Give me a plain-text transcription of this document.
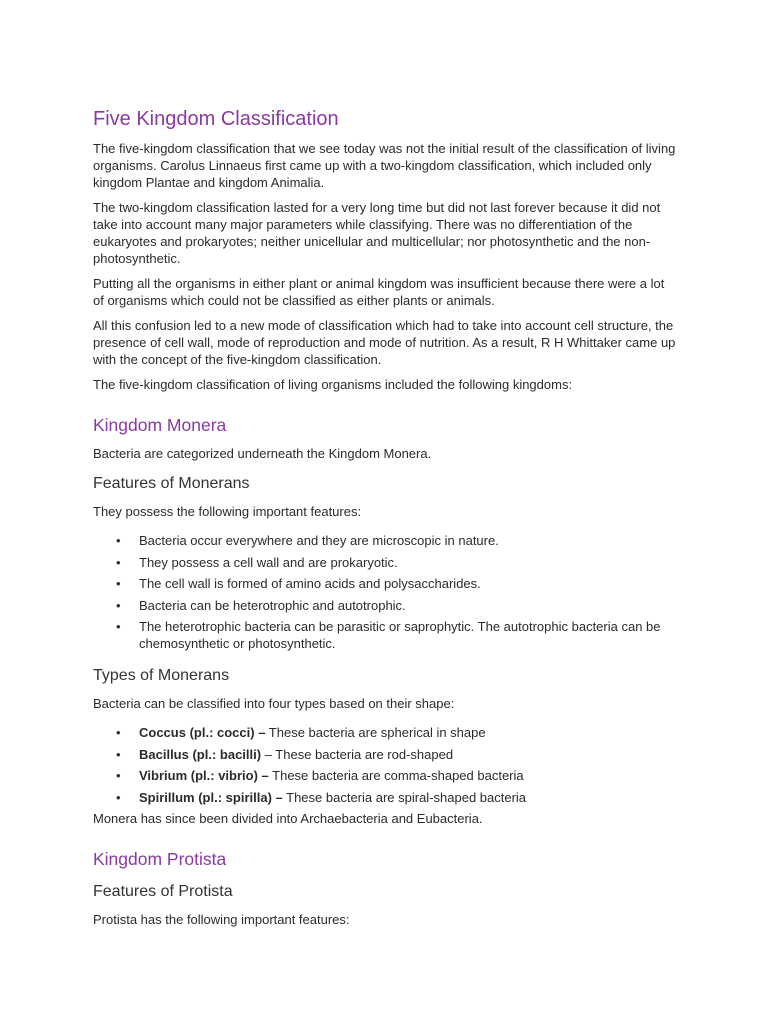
Five Kingdom Classification

The five-kingdom classification that we see today was not the initial result of the classification of living organisms. Carolus Linnaeus first came up with a two-kingdom classification, which included only kingdom Plantae and kingdom Animalia.

The two-kingdom classification lasted for a very long time but did not last forever because it did not take into account many major parameters while classifying. There was no differentiation of the eukaryotes and prokaryotes; neither unicellular and multicellular; nor photosynthetic and the non-photosynthetic.

Putting all the organisms in either plant or animal kingdom was insufficient because there were a lot of organisms which could not be classified as either plants or animals.

All this confusion led to a new mode of classification which had to take into account cell structure, the presence of cell wall, mode of reproduction and mode of nutrition. As a result, R H Whittaker came up with the concept of the five-kingdom classification.

The five-kingdom classification of living organisms included the following kingdoms:

Kingdom Monera

Bacteria are categorized underneath the Kingdom Monera.

Features of Monerans

They possess the following important features:

• Bacteria occur everywhere and they are microscopic in nature.
• They possess a cell wall and are prokaryotic.
• The cell wall is formed of amino acids and polysaccharides.
• Bacteria can be heterotrophic and autotrophic.
• The heterotrophic bacteria can be parasitic or saprophytic. The autotrophic bacteria can be chemosynthetic or photosynthetic.
Types of Monerans

Bacteria can be classified into four types based on their shape:

• Coccus (pl.: cocci) – These bacteria are spherical in shape
• Bacillus (pl.: bacilli) – These bacteria are rod-shaped
• Vibrium (pl.: vibrio) – These bacteria are comma-shaped bacteria
• Spirillum (pl.: spirilla) – These bacteria are spiral-shaped bacteria

Monera has since been divided into Archaebacteria and Eubacteria.

Kingdom Protista
Features of Protista

Protista has the following important features:
